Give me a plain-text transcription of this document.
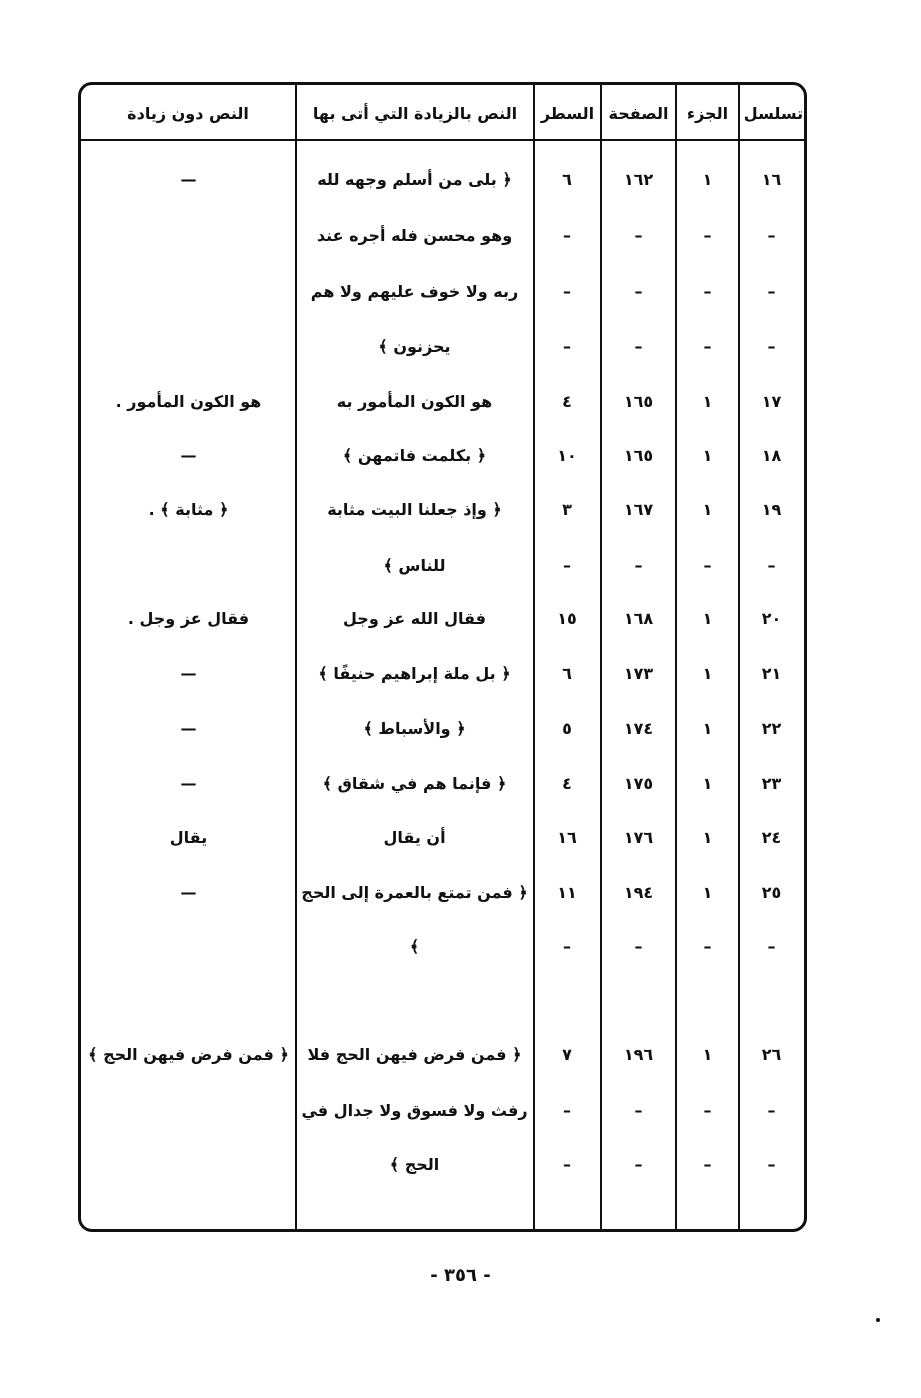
تسلسل
الجزء
الصفحة
السطر
النص بالزيادة التي أتى بها
النص دون زيادة
١٦
١
١٦٢
٦
﴿ بلى من أسلم وجهه لله
—
–
–
–
–
وهو محسن فله أجره عند
–
–
–
–
ربه ولا خوف عليهم ولا هم
–
–
–
–
يحزنون ﴾
١٧
١
١٦٥
٤
هو الكون المأمور به
هو الكون المأمور .
١٨
١
١٦٥
١٠
﴿ بكلمت فاتمهن ﴾
—
١٩
١
١٦٧
٣
﴿ وإذ جعلنا البيت مثابة
﴿ مثابة ﴾ .
–
–
–
–
للناس ﴾
٢٠
١
١٦٨
١٥
فقال الله عز وجل
فقال عز وجل .
٢١
١
١٧٣
٦
﴿ بل ملة إبراهيم حنيفًا ﴾
—
٢٢
١
١٧٤
٥
﴿ والأسباط ﴾
—
٢٣
١
١٧٥
٤
﴿ فإنما هم في شقاق ﴾
—
٢٤
١
١٧٦
١٦
أن يقال
يقال
٢٥
١
١٩٤
١١
﴿ فمن تمتع بالعمرة إلى الحج
—
–
–
–
–
﴾
٢٦
١
١٩٦
٧
﴿ فمن فرض فيهن الحج فلا
﴿ فمن فرض فيهن الحج ﴾
–
–
–
–
رفث ولا فسوق ولا جدال في
–
–
–
–
الحج ﴾
- ٣٥٦ -
